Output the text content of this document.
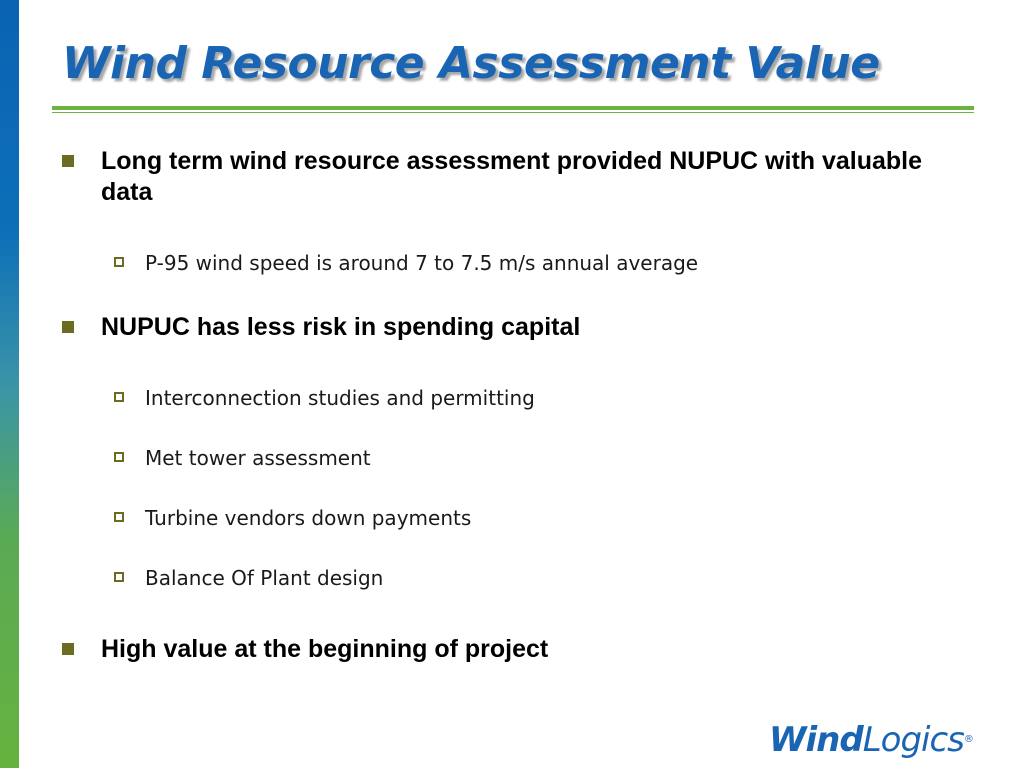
Wind Resource Assessment Value
Long term wind resource assessment provided NUPUC with valuable data
P-95 wind speed is around 7 to 7.5 m/s annual average
NUPUC has less risk in spending capital
Interconnection studies and permitting
Met tower assessment
Turbine vendors down payments
Balance Of Plant design
High value at the beginning of project
WindLogics®
